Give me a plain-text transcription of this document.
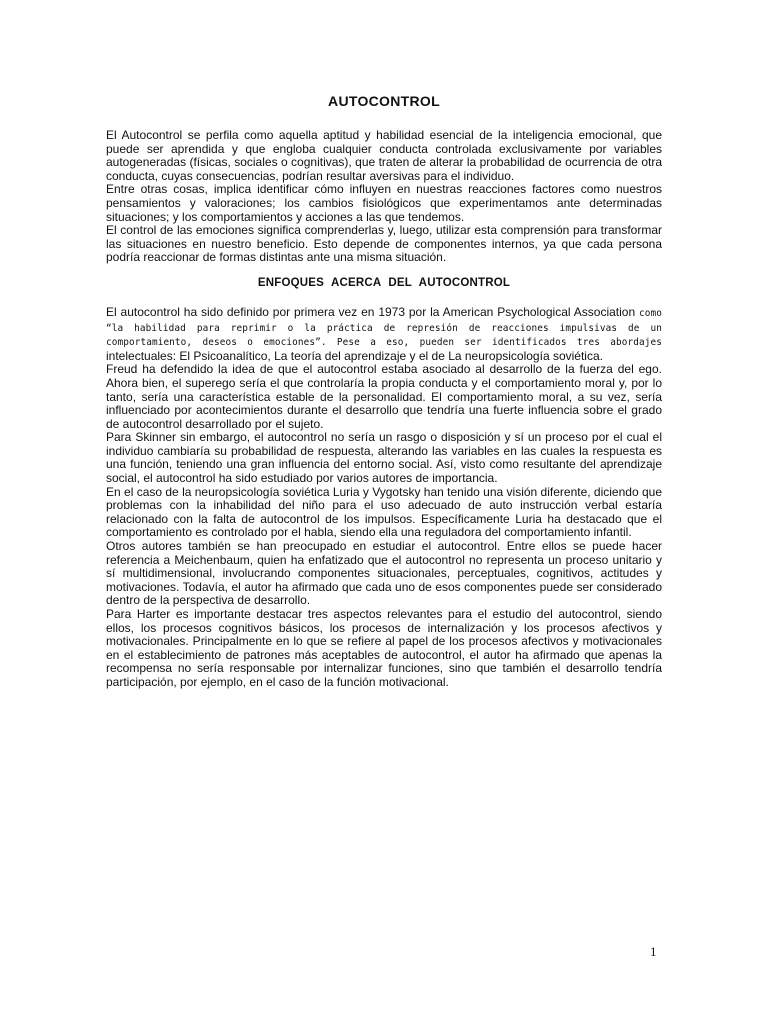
AUTOCONTROL

El Autocontrol se perfila como aquella aptitud y habilidad esencial de la inteligencia emocional, que puede ser aprendida y que engloba cualquier conducta controlada exclusivamente por variables autogeneradas (físicas, sociales o cognitivas), que traten de alterar la probabilidad de ocurrencia de otra conducta, cuyas consecuencias, podrían resultar aversivas para el individuo.

Entre otras cosas, implica identificar cómo influyen en nuestras reacciones factores como nuestros pensamientos y valoraciones; los cambios fisiológicos que experimentamos ante determinadas situaciones; y los comportamientos y acciones a las que tendemos.

El control de las emociones significa comprenderlas y, luego, utilizar esta comprensión para transformar las situaciones en nuestro beneficio. Esto depende de componentes internos, ya que cada persona podría reaccionar de formas distintas ante una misma situación.

ENFOQUES ACERCA DEL AUTOCONTROL

El autocontrol ha sido definido por primera vez en 1973 por la American Psychological Association como “la habilidad para reprimir o la práctica de represión de reacciones impulsivas de un comportamiento, deseos o emociones”. Pese a eso, pueden ser identificados tres abordajes intelectuales: El Psicoanalítico, La teoría del aprendizaje y el de La neuropsicología soviética.

Freud ha defendido la idea de que el autocontrol estaba asociado al desarrollo de la fuerza del ego. Ahora bien, el superego sería el que controlaría la propia conducta y el comportamiento moral y, por lo tanto, sería una característica estable de la personalidad. El comportamiento moral, a su vez, sería influenciado por acontecimientos durante el desarrollo que tendría una fuerte influencia sobre el grado de autocontrol desarrollado por el sujeto.

Para Skinner sin embargo, el autocontrol no sería un rasgo o disposición y sí un proceso por el cual el individuo cambiaría su probabilidad de respuesta, alterando las variables en las cuales la respuesta es una función, teniendo una gran influencia del entorno social. Así, visto como resultante del aprendizaje social, el autocontrol ha sido estudiado por varios autores de importancia.

En el caso de la neuropsicología soviética Luria y Vygotsky han tenido una visión diferente, diciendo que problemas con la inhabilidad del niño para el uso adecuado de auto instrucción verbal estaría relacionado con la falta de autocontrol de los impulsos. Específicamente Luria ha destacado que el comportamiento es controlado por el habla, siendo ella una reguladora del comportamiento infantil.

Otros autores también se han preocupado en estudiar el autocontrol. Entre ellos se puede hacer referencia a Meichenbaum, quien ha enfatizado que el autocontrol no representa un proceso unitario y sí multidimensional, involucrando componentes situacionales, perceptuales, cognitivos, actitudes y motivaciones. Todavía, el autor ha afirmado que cada uno de esos componentes puede ser considerado dentro de la perspectiva de desarrollo.

Para Harter es importante destacar tres aspectos relevantes para el estudio del autocontrol, siendo ellos, los procesos cognitivos básicos, los procesos de internalización y los procesos afectivos y motivacionales. Principalmente en lo que se refiere al papel de los procesos afectivos y motivacionales en el establecimiento de patrones más aceptables de autocontrol, el autor ha afirmado que apenas la recompensa no sería responsable por internalizar funciones, sino que también el desarrollo tendría participación, por ejemplo, en el caso de la función motivacional.

1
